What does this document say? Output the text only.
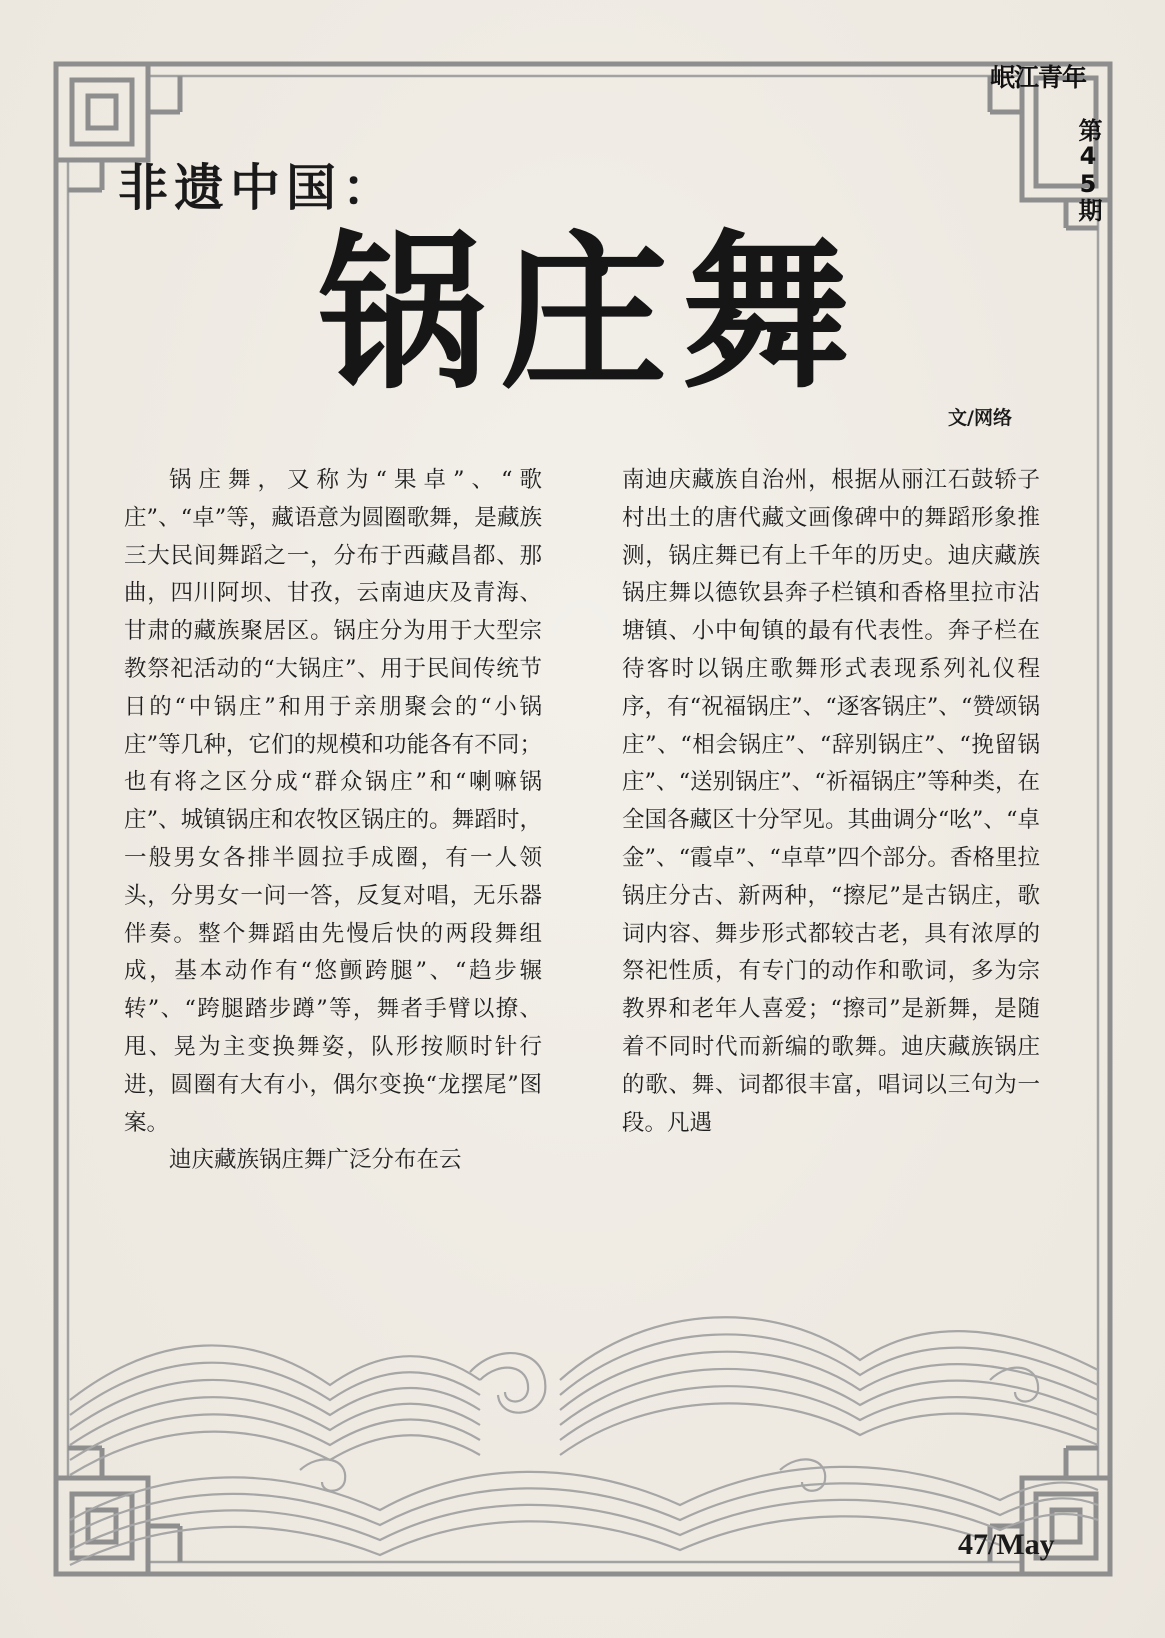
岷江青年
第45期
非遗中国：
锅庄舞
文/网络

锅庄舞，又称为“果卓”、“歌庄”、“卓”等，藏语意为圆圈歌舞，是藏族三大民间舞蹈之一，分布于西藏昌都、那曲，四川阿坝、甘孜，云南迪庆及青海、甘肃的藏族聚居区。锅庄分为用于大型宗教祭祀活动的“大锅庄”、用于民间传统节日的“中锅庄”和用于亲朋聚会的“小锅庄”等几种，它们的规模和功能各有不同；也有将之区分成“群众锅庄”和“喇嘛锅庄”、城镇锅庄和农牧区锅庄的。舞蹈时，一般男女各排半圆拉手成圈，有一人领头，分男女一问一答，反复对唱，无乐器伴奏。整个舞蹈由先慢后快的两段舞组成，基本动作有“悠颤跨腿”、“趋步辗转”、“跨腿踏步蹲”等，舞者手臂以撩、甩、晃为主变换舞姿，队形按顺时针行进，圆圈有大有小，偶尔变换“龙摆尾”图案。

迪庆藏族锅庄舞广泛分布在云

南迪庆藏族自治州，根据从丽江石鼓轿子村出土的唐代藏文画像碑中的舞蹈形象推测，锅庄舞已有上千年的历史。迪庆藏族锅庄舞以德钦县奔子栏镇和香格里拉市沾塘镇、小中甸镇的最有代表性。奔子栏在待客时以锅庄歌舞形式表现系列礼仪程序，有“祝福锅庄”、“逐客锅庄”、“赞颂锅庄”、“相会锅庄”、“辞别锅庄”、“挽留锅庄”、“送别锅庄”、“祈福锅庄”等种类，在全国各藏区十分罕见。其曲调分“吆”、“卓金”、“霞卓”、“卓草”四个部分。香格里拉锅庄分古、新两种，“擦尼”是古锅庄，歌词内容、舞步形式都较古老，具有浓厚的祭祀性质，有专门的动作和歌词，多为宗教界和老年人喜爱；“擦司”是新舞，是随着不同时代而新编的歌舞。迪庆藏族锅庄的歌、舞、词都很丰富，唱词以三句为一段。凡遇

47/May
